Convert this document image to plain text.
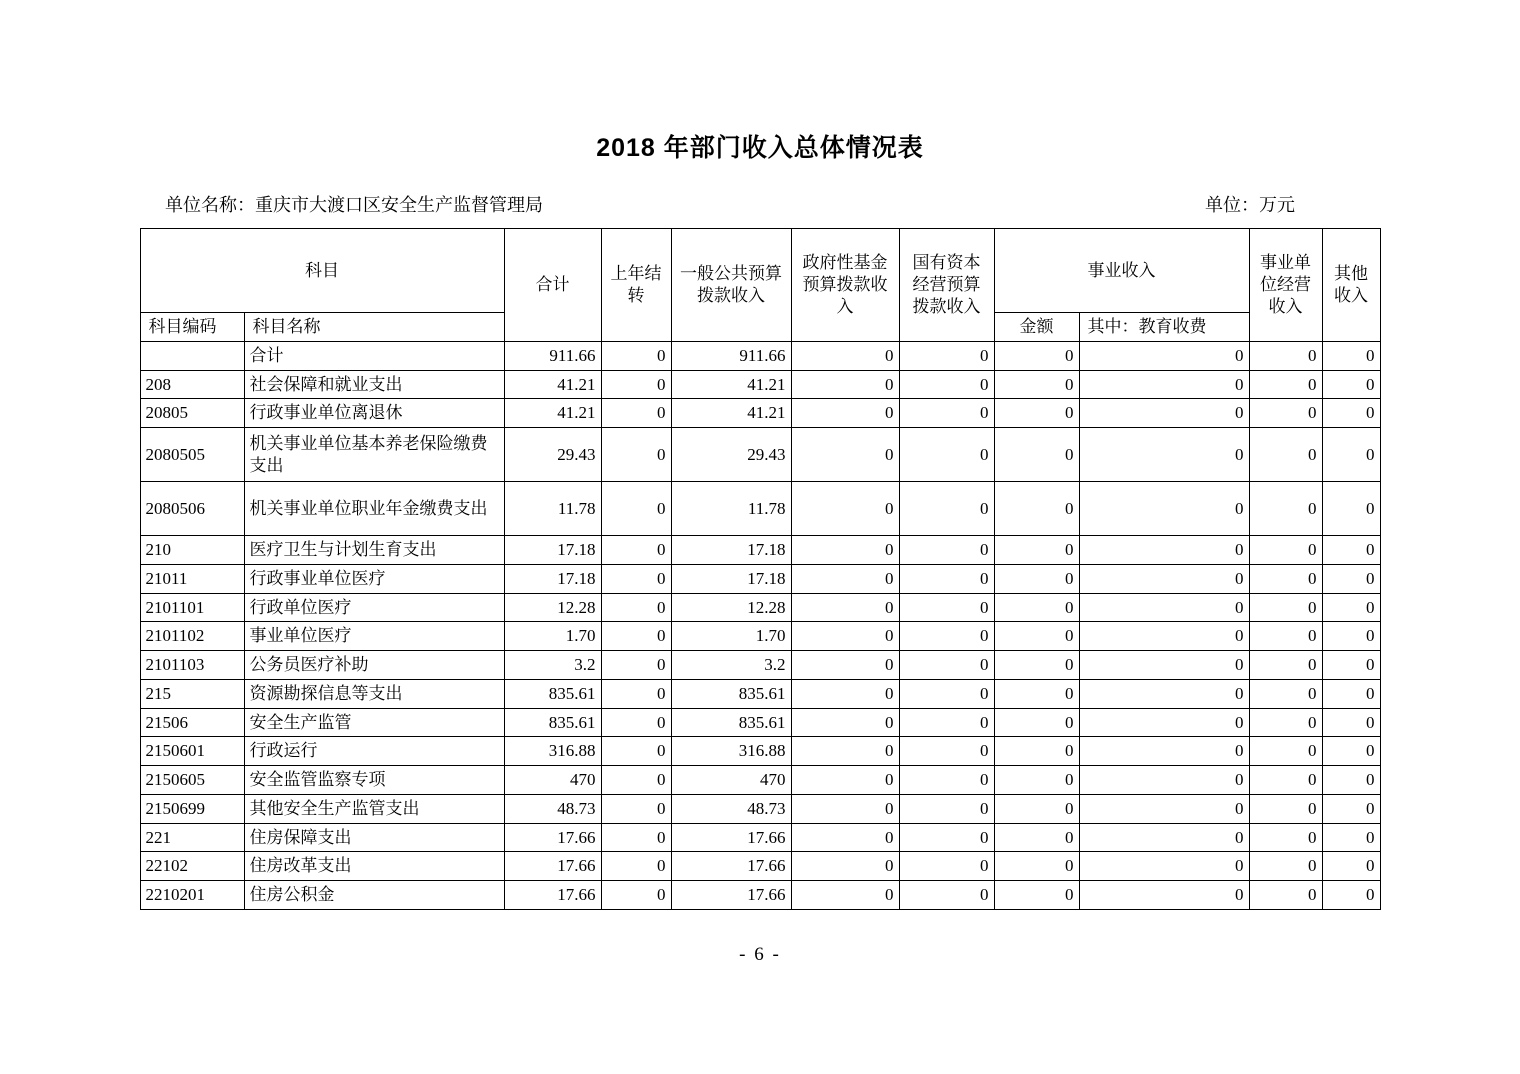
2018 年部门收入总体情况表
单位名称：重庆市大渡口区安全生产监督管理局	单位：万元
科目		合计	上年结转	一般公共预算拨款收入	政府性基金预算拨款收入	国有资本经营预算拨款收入	事业收入		事业单位经营收入	其他收入
科目编码	科目名称						金额	其中：教育收费		
	合计	911.66	0	911.66	0	0	0	0	0	0
208	社会保障和就业支出	41.21	0	41.21	0	0	0	0	0	0
20805	行政事业单位离退休	41.21	0	41.21	0	0	0	0	0	0
2080505	机关事业单位基本养老保险缴费支出	29.43	0	29.43	0	0	0	0	0	0
2080506	机关事业单位职业年金缴费支出	11.78	0	11.78	0	0	0	0	0	0
210	医疗卫生与计划生育支出	17.18	0	17.18	0	0	0	0	0	0
21011	行政事业单位医疗	17.18	0	17.18	0	0	0	0	0	0
2101101	行政单位医疗	12.28	0	12.28	0	0	0	0	0	0
2101102	事业单位医疗	1.70	0	1.70	0	0	0	0	0	0
2101103	公务员医疗补助	3.2	0	3.2	0	0	0	0	0	0
215	资源勘探信息等支出	835.61	0	835.61	0	0	0	0	0	0
21506	安全生产监管	835.61	0	835.61	0	0	0	0	0	0
2150601	行政运行	316.88	0	316.88	0	0	0	0	0	0
2150605	安全监管监察专项	470	0	470	0	0	0	0	0	0
2150699	其他安全生产监管支出	48.73	0	48.73	0	0	0	0	0	0
221	住房保障支出	17.66	0	17.66	0	0	0	0	0	0
22102	住房改革支出	17.66	0	17.66	0	0	0	0	0	0
2210201	住房公积金	17.66	0	17.66	0	0	0	0	0	0
- 6 -
